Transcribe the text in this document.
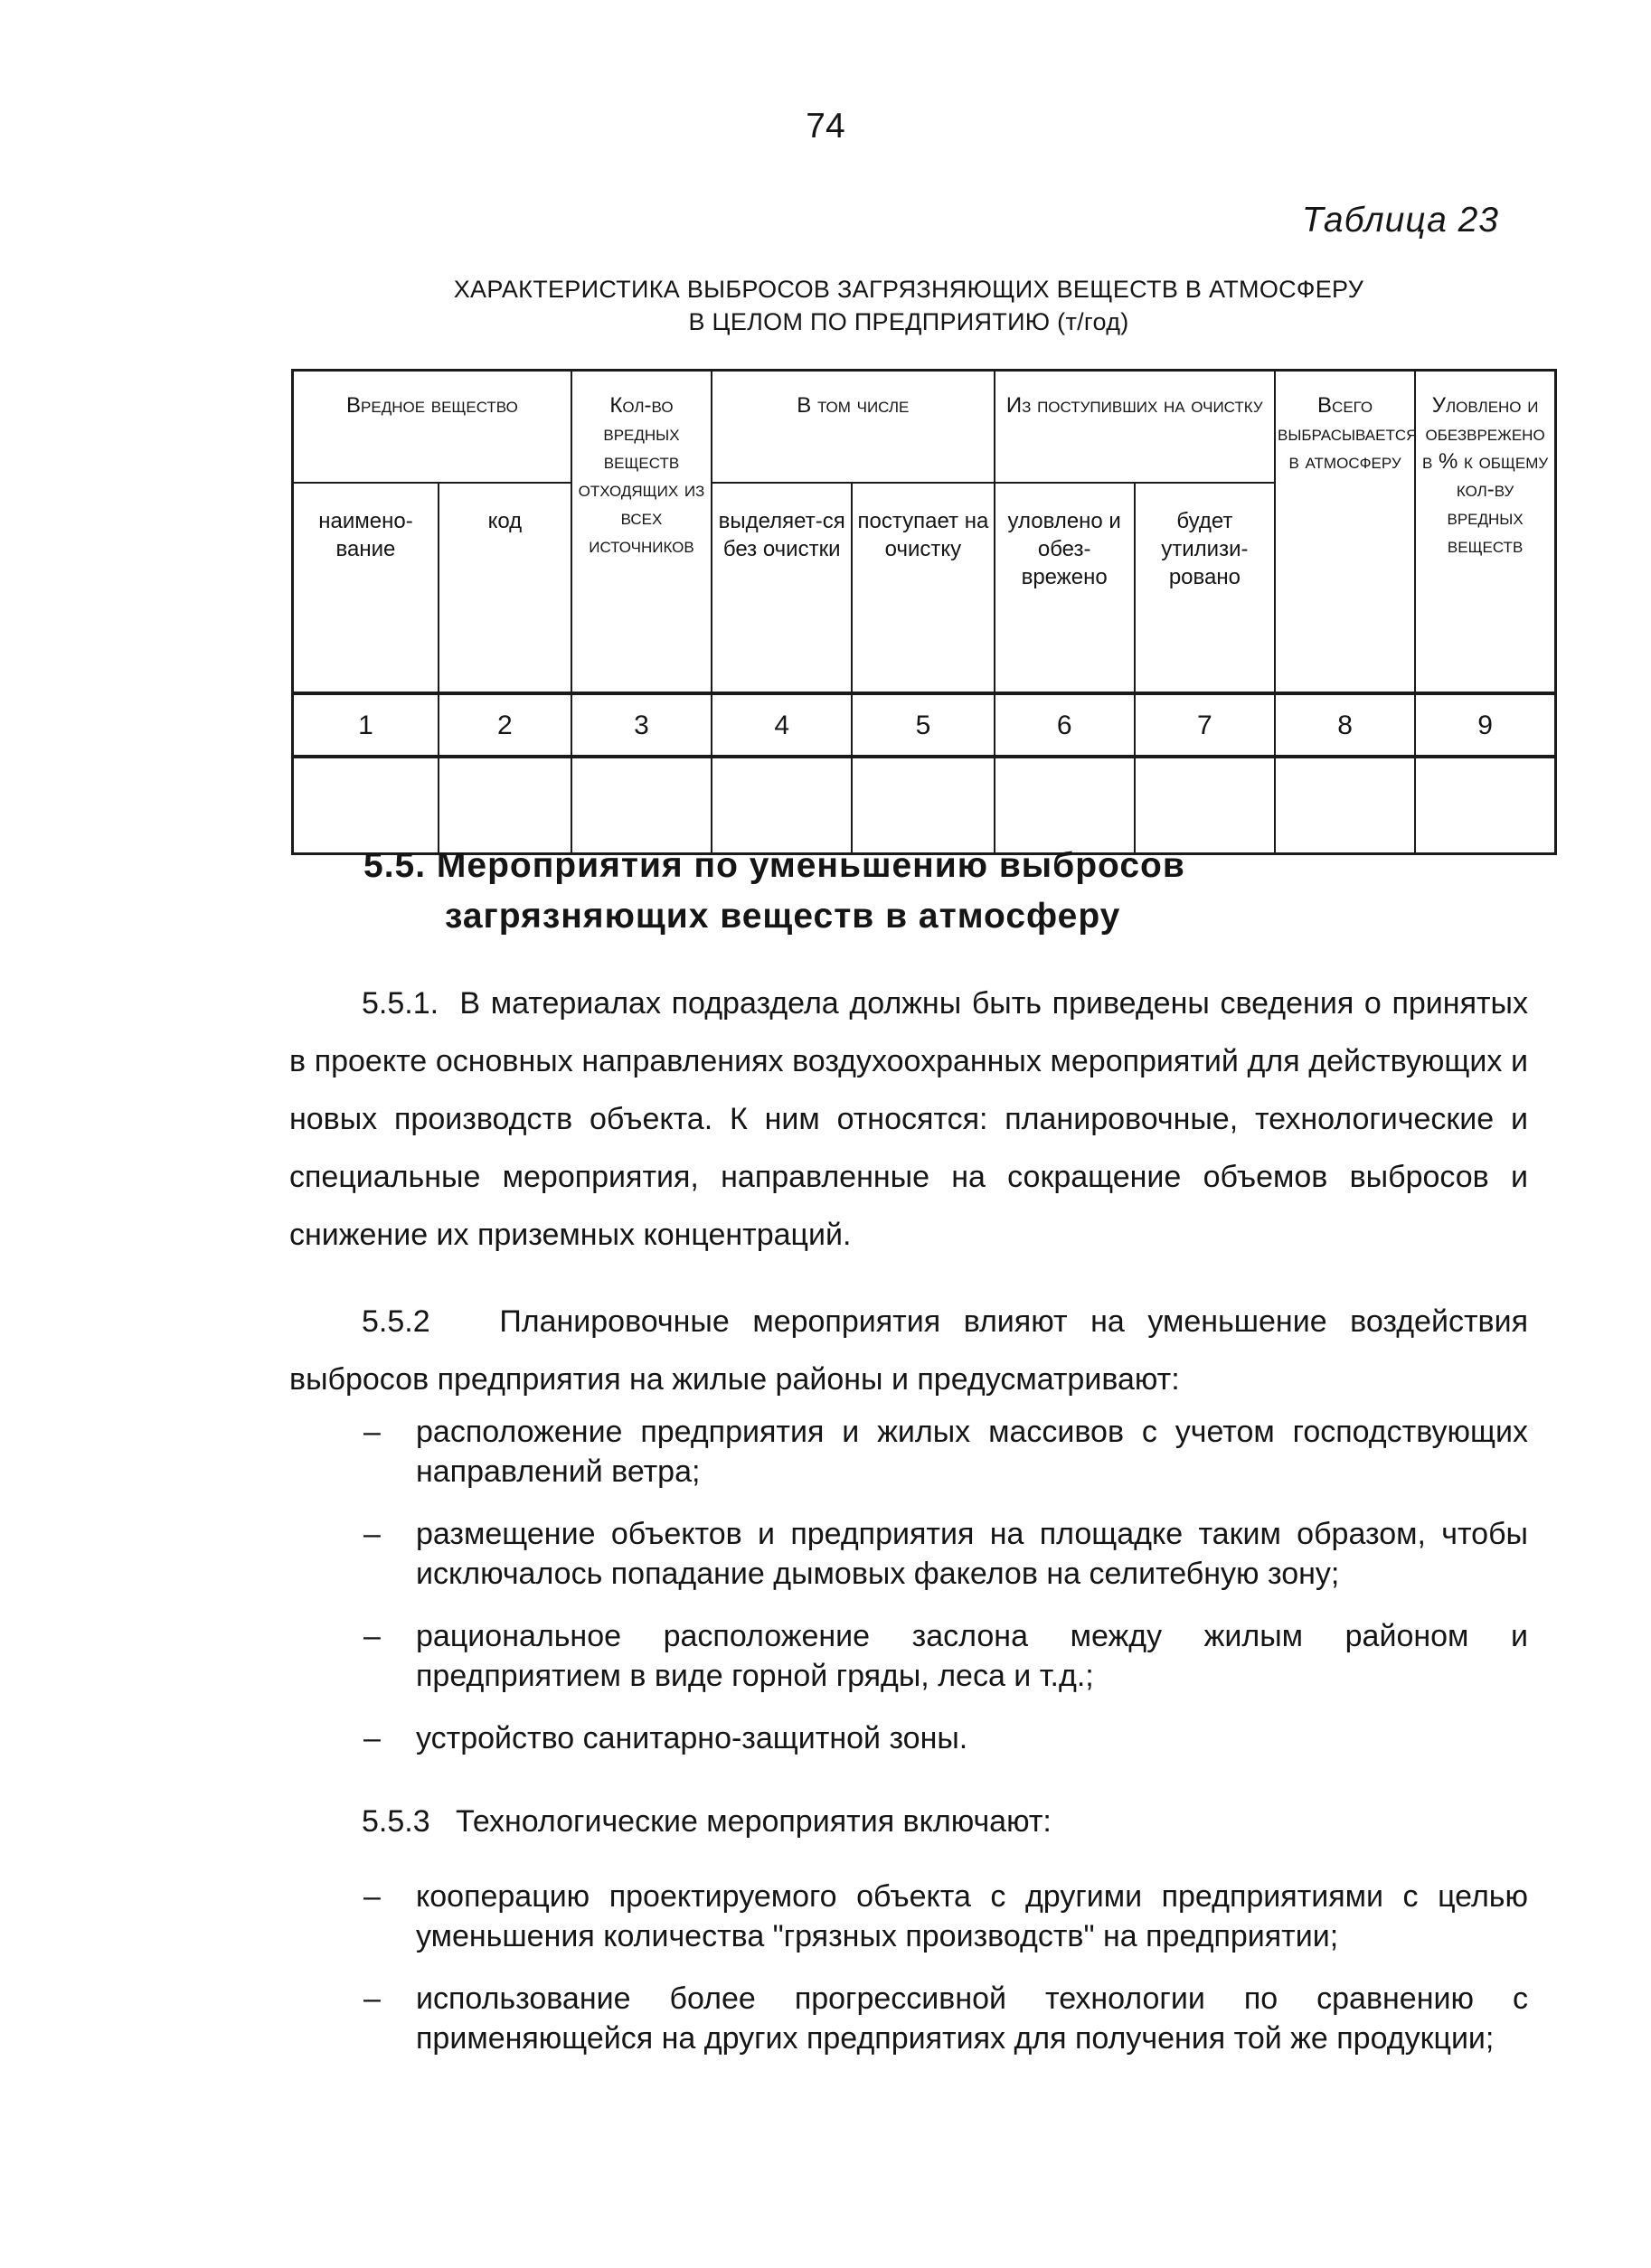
74
Таблица 23
ХАРАКТЕРИСТИКА ВЫБРОСОВ ЗАГРЯЗНЯЮЩИХ ВЕЩЕСТВ В АТМОСФЕРУ
В ЦЕЛОМ ПО ПРЕДПРИЯТИЮ (т/год)
Вредное вещество		Кол-во вредных веществ отходящих из всех источников	В том числе		Из поступивших на очистку		Всего выбрасывается в атмосферу	Уловлено и обезврежено в % к общему кол-ву вредных веществ
наимено-вание	код		выделяет-ся без очистки	поступает на очистку	уловлено и обез-врежено	будет утилизи-ровано		
1	2	3	4	5	6	7	8	9

5.5. Мероприятия по уменьшению выбросов
загрязняющих веществ в атмосферу
5.5.1. В материалах подраздела должны быть приведены сведения о принятых в проекте основных направлениях воздухоохранных мероприятий для действующих и новых производств объекта. К ним относятся: планировочные, технологические и специальные мероприятия, направленные на сокращение объемов выбросов и снижение их приземных концентраций.
5.5.2 Планировочные мероприятия влияют на уменьшение воздействия выбросов предприятия на жилые районы и предусматривают:
– расположение предприятия и жилых массивов с учетом господствующих направлений ветра;
– размещение объектов и предприятия на площадке таким образом, чтобы исключалось попадание дымовых факелов на селитебную зону;
– рациональное расположение заслона между жилым районом и предприятием в виде горной гряды, леса и т.д.;
– устройство санитарно-защитной зоны.
5.5.3 Технологические мероприятия включают:
– кооперацию проектируемого объекта с другими предприятиями с целью уменьшения количества "грязных производств" на предприятии;
– использование более прогрессивной технологии по сравнению с применяющейся на других предприятиях для получения той же продукции;
